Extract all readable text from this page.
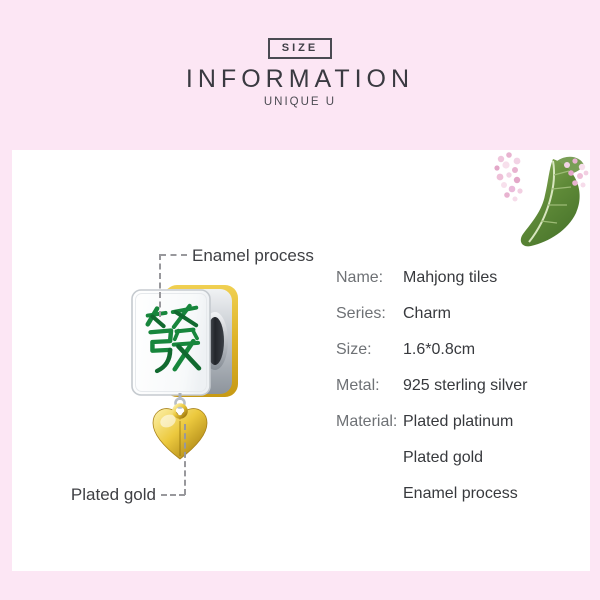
SIZE
INFORMATION
UNIQUE U
Enamel process
Plated gold
Name:	Mahjong tiles
Series:	Charm
Size:	1.6*0.8cm
Metal:	925 sterling silver
Material: Plated platinum
Plated gold
Enamel process
